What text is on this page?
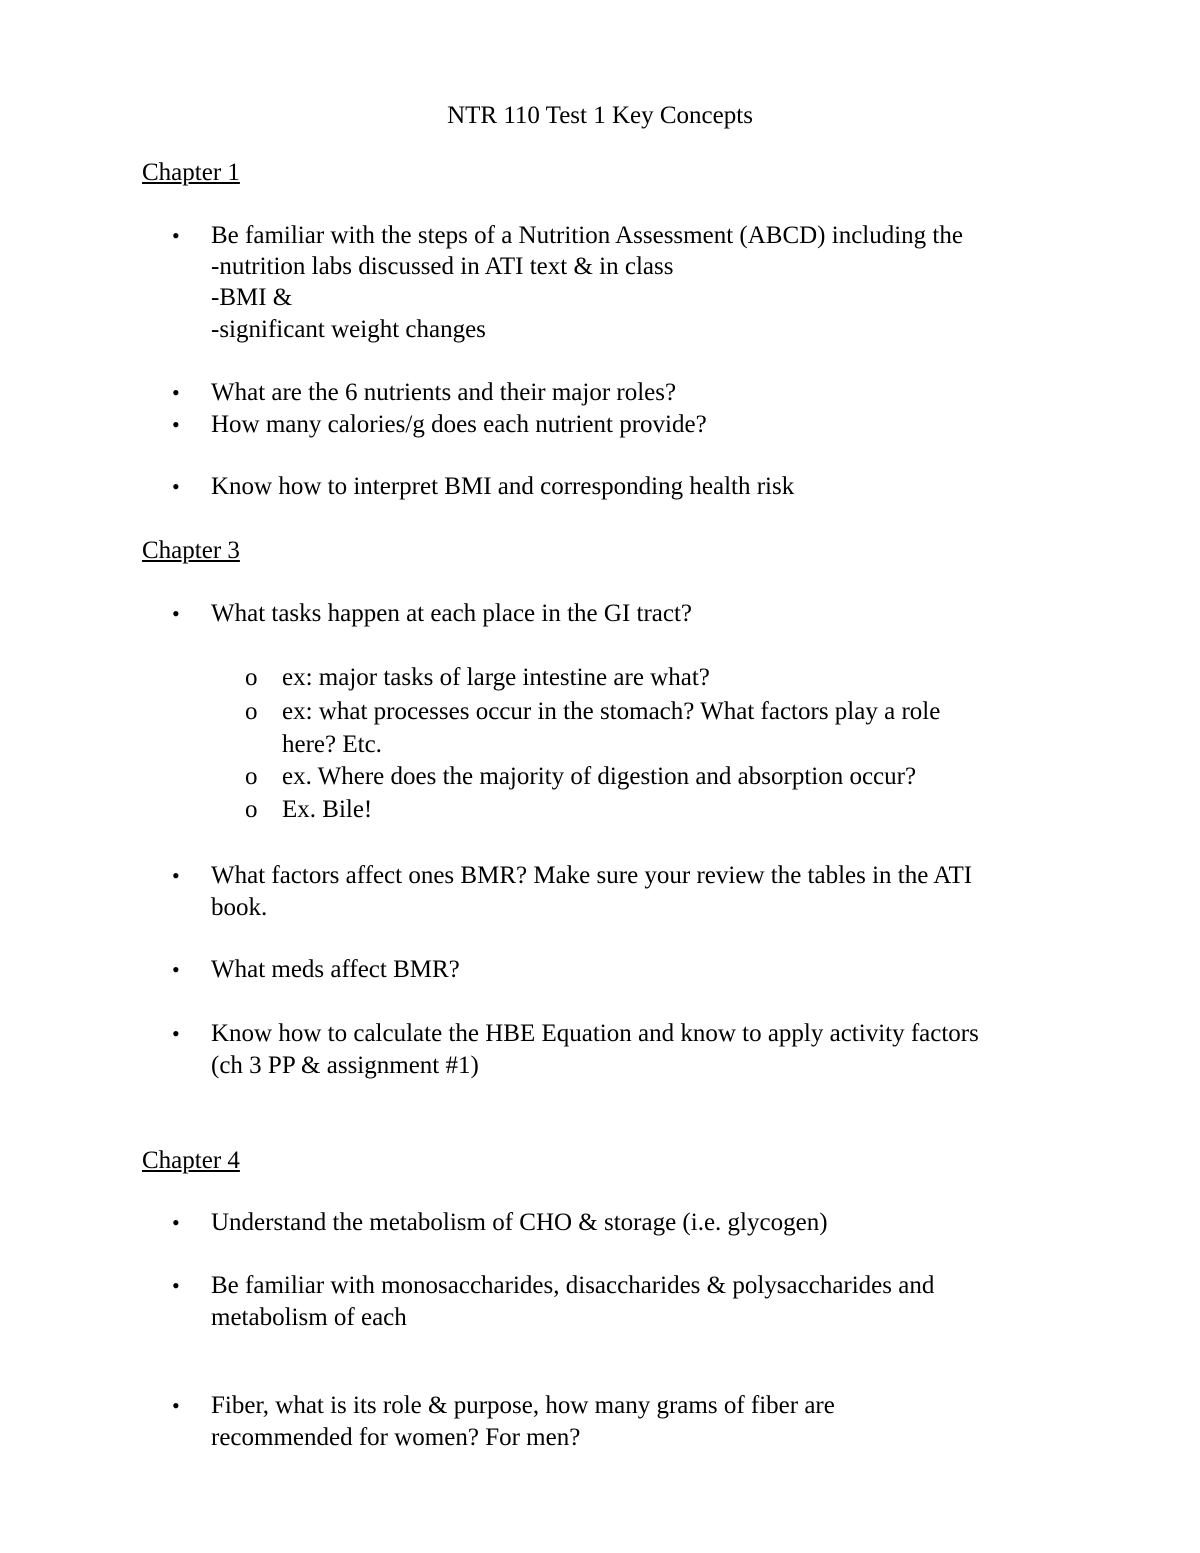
NTR 110 Test 1 Key Concepts
Chapter 1
• Be familiar with the steps of a Nutrition Assessment (ABCD) including the
-nutrition labs discussed in ATI text & in class
-BMI &
-significant weight changes
• What are the 6 nutrients and their major roles?
• How many calories/g does each nutrient provide?
• Know how to interpret BMI and corresponding health risk
Chapter 3
• What tasks happen at each place in the GI tract?
o ex: major tasks of large intestine are what?
o ex: what processes occur in the stomach? What factors play a role
here? Etc.
o ex. Where does the majority of digestion and absorption occur?
o Ex. Bile!
• What factors affect ones BMR? Make sure your review the tables in the ATI
book.
• What meds affect BMR?
• Know how to calculate the HBE Equation and know to apply activity factors
(ch 3 PP & assignment #1)
Chapter 4
• Understand the metabolism of CHO & storage (i.e. glycogen)
• Be familiar with monosaccharides, disaccharides & polysaccharides and
metabolism of each
• Fiber, what is its role & purpose, how many grams of fiber are
recommended for women? For men?
